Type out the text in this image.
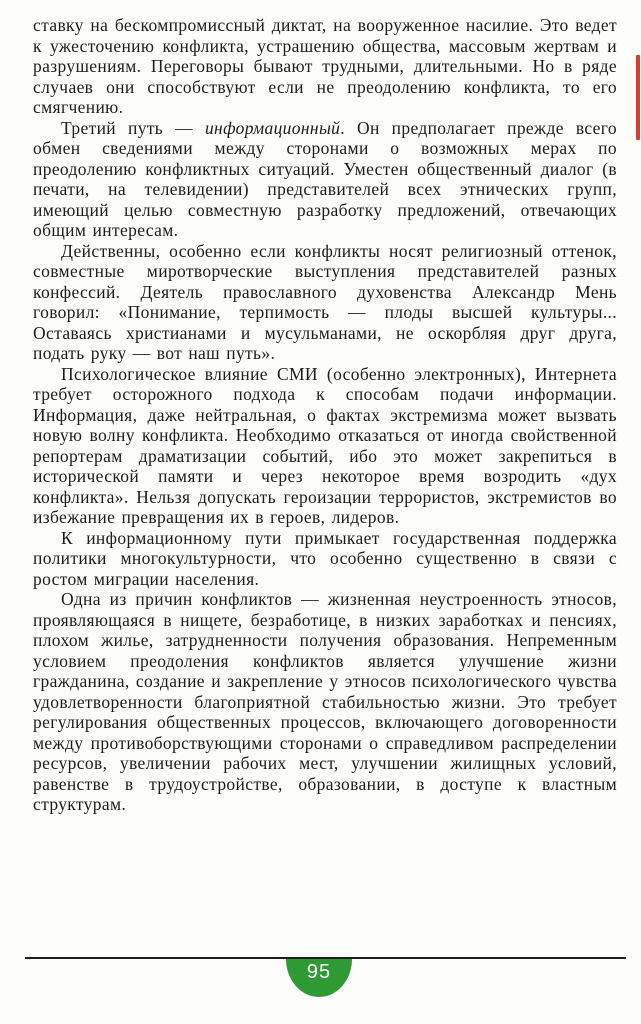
ставку на бескомпромиссный диктат, на вооруженное насилие. Это ведет к ужесточению конфликта, устрашению общества, массовым жертвам и разрушениям. Переговоры бывают трудными, длительными. Но в ряде случаев они способствуют если не преодолению конфликта, то его смягчению.

Третий путь — информационный. Он предполагает прежде всего обмен сведениями между сторонами о возможных мерах по преодолению конфликтных ситуаций. Уместен общественный диалог (в печати, на телевидении) представителей всех этнических групп, имеющий целью совместную разработку предложений, отвечающих общим интересам.

Действенны, особенно если конфликты носят религиозный оттенок, совместные миротворческие выступления представителей разных конфессий. Деятель православного духовенства Александр Мень говорил: «Понимание, терпимость — плоды высшей культуры... Оставаясь христианами и мусульманами, не оскорбляя друг друга, подать руку — вот наш путь».

Психологическое влияние СМИ (особенно электронных), Интернета требует осторожного подхода к способам подачи информации. Информация, даже нейтральная, о фактах экстремизма может вызвать новую волну конфликта. Необходимо отказаться от иногда свойственной репортерам драматизации событий, ибо это может закрепиться в исторической памяти и через некоторое время возродить «дух конфликта». Нельзя допускать героизации террористов, экстремистов во избежание превращения их в героев, лидеров.

К информационному пути примыкает государственная поддержка политики многокультурности, что особенно существенно в связи с ростом миграции населения.

Одна из причин конфликтов — жизненная неустроенность этносов, проявляющаяся в нищете, безработице, в низких заработках и пенсиях, плохом жилье, затрудненности получения образования. Непременным условием преодоления конфликтов является улучшение жизни гражданина, создание и закрепление у этносов психологического чувства удовлетворенности благоприятной стабильностью жизни. Это требует регулирования общественных процессов, включающего договоренности между противоборствующими сторонами о справедливом распределении ресурсов, увеличении рабочих мест, улучшении жилищных условий, равенстве в трудоустройстве, образовании, в доступе к властным структурам.

95
